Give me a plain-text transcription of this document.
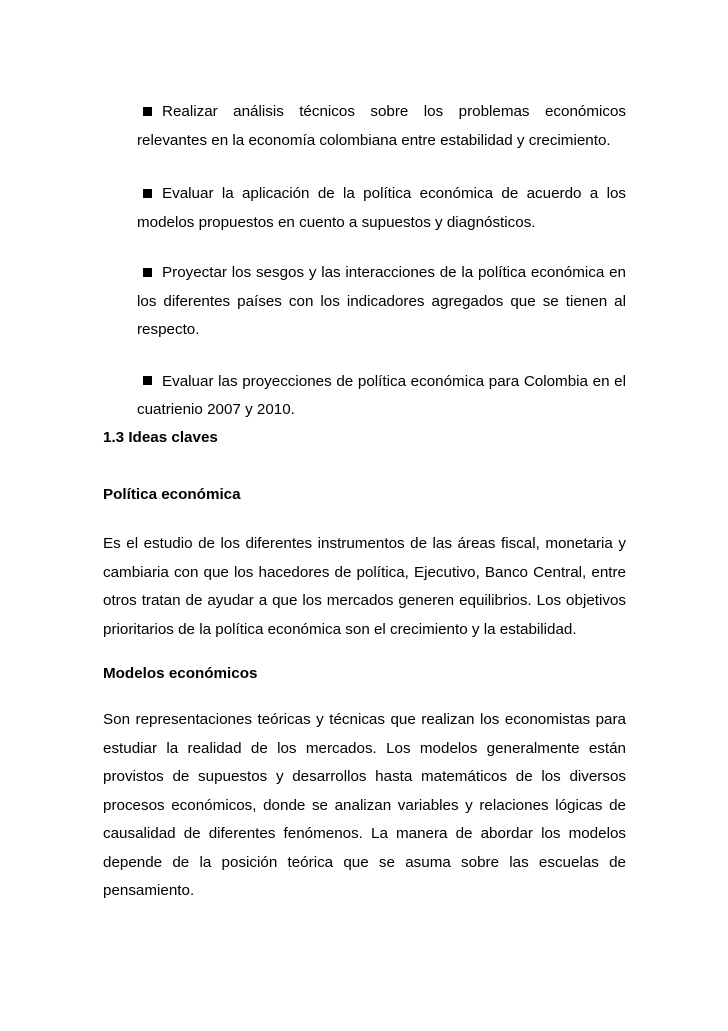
Realizar análisis técnicos sobre los problemas económicos relevantes en la economía colombiana entre estabilidad y crecimiento.

Evaluar la aplicación de la política económica de acuerdo a los modelos propuestos en cuento a supuestos y diagnósticos.

Proyectar los sesgos y las interacciones de la política económica en los diferentes países con los indicadores agregados que se tienen al respecto.

Evaluar las proyecciones de política económica para Colombia en el cuatrienio 2007 y 2010.

1.3 Ideas claves
Política económica

Es el estudio de los diferentes instrumentos de las áreas fiscal, monetaria y cambiaria con que los hacedores de política, Ejecutivo, Banco Central, entre otros tratan de ayudar a que los mercados generen equilibrios. Los objetivos prioritarios de la política económica son el crecimiento y la estabilidad.

Modelos económicos

Son representaciones teóricas y técnicas que realizan los economistas para estudiar la realidad de los mercados. Los modelos generalmente están provistos de supuestos y desarrollos hasta matemáticos de los diversos procesos económicos, donde se analizan variables y relaciones lógicas de causalidad de diferentes fenómenos. La manera de abordar los modelos depende de la posición teórica que se asuma sobre las escuelas de pensamiento.
